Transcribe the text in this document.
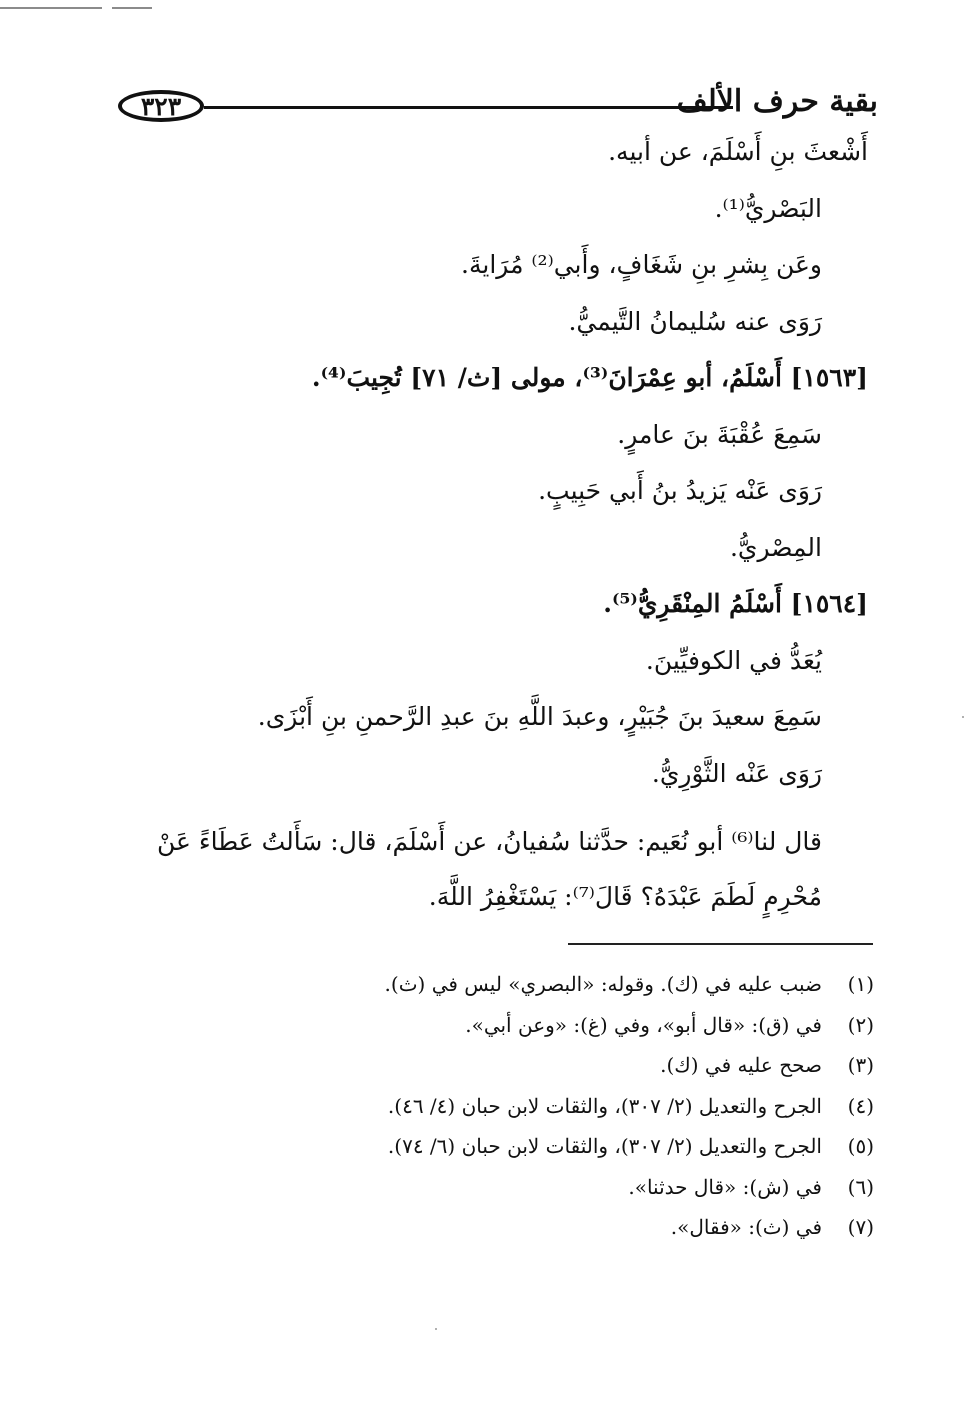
٣٢٣	بقية حرف الألف
أَشْعثَ بنِ أَسْلَمَ، عن أبيه.
البَصْريُّ⁽¹⁾.
وعَن بِشرِ بنِ شَغَافٍ، وأَبي⁽²⁾ مُرَايةَ.
رَوَى عنه سُليمانُ التَّيميُّ.
[١٥٦٣] أَسْلَمُ، أبو عِمْرَانَ⁽³⁾، مولى [ث/ ٧١] تُجِيبَ⁽⁴⁾.
سَمِعَ عُقْبَةَ بنَ عامرٍ.
رَوَى عَنْه يَزيدُ بنُ أَبي حَبِيبٍ.
المِصْريُّ.
[١٥٦٤] أَسْلَمُ المِنْقَرِيُّ⁽⁵⁾.
يُعَدُّ في الكوفيِّينَ.
سَمِعَ سعيدَ بنَ جُبَيْرٍ، وعبدَ اللَّهِ بنَ عبدِ الرَّحمنِ بنِ أَبْزَى.
رَوَى عَنْه الثَّوْرِيُّ.
قال لنا⁽⁶⁾ أبو نُعَيم: حدَّثنا سُفيانُ، عن أَسْلَمَ، قال: سَأَلتُ عَطَاءً عَنْ مُحْرِمٍ لَطَمَ عَبْدَهُ؟ قَالَ⁽⁷⁾: يَسْتَغْفِرُ اللَّهَ.
(١)ضبب عليه في (ك). وقوله: «البصري» ليس في (ث).
(٢)في (ق): «قال أبو»، وفي (غ): «وعن أبي».
(٣)صحح عليه في (ك).
(٤)الجرح والتعديل (٢/ ٣٠٧)، والثقات لابن حبان (٤/ ٤٦).
(٥)الجرح والتعديل (٢/ ٣٠٧)، والثقات لابن حبان (٦/ ٧٤).
(٦)في (ش): «قال حدثنا».
(٧)في (ث): «فقال».
